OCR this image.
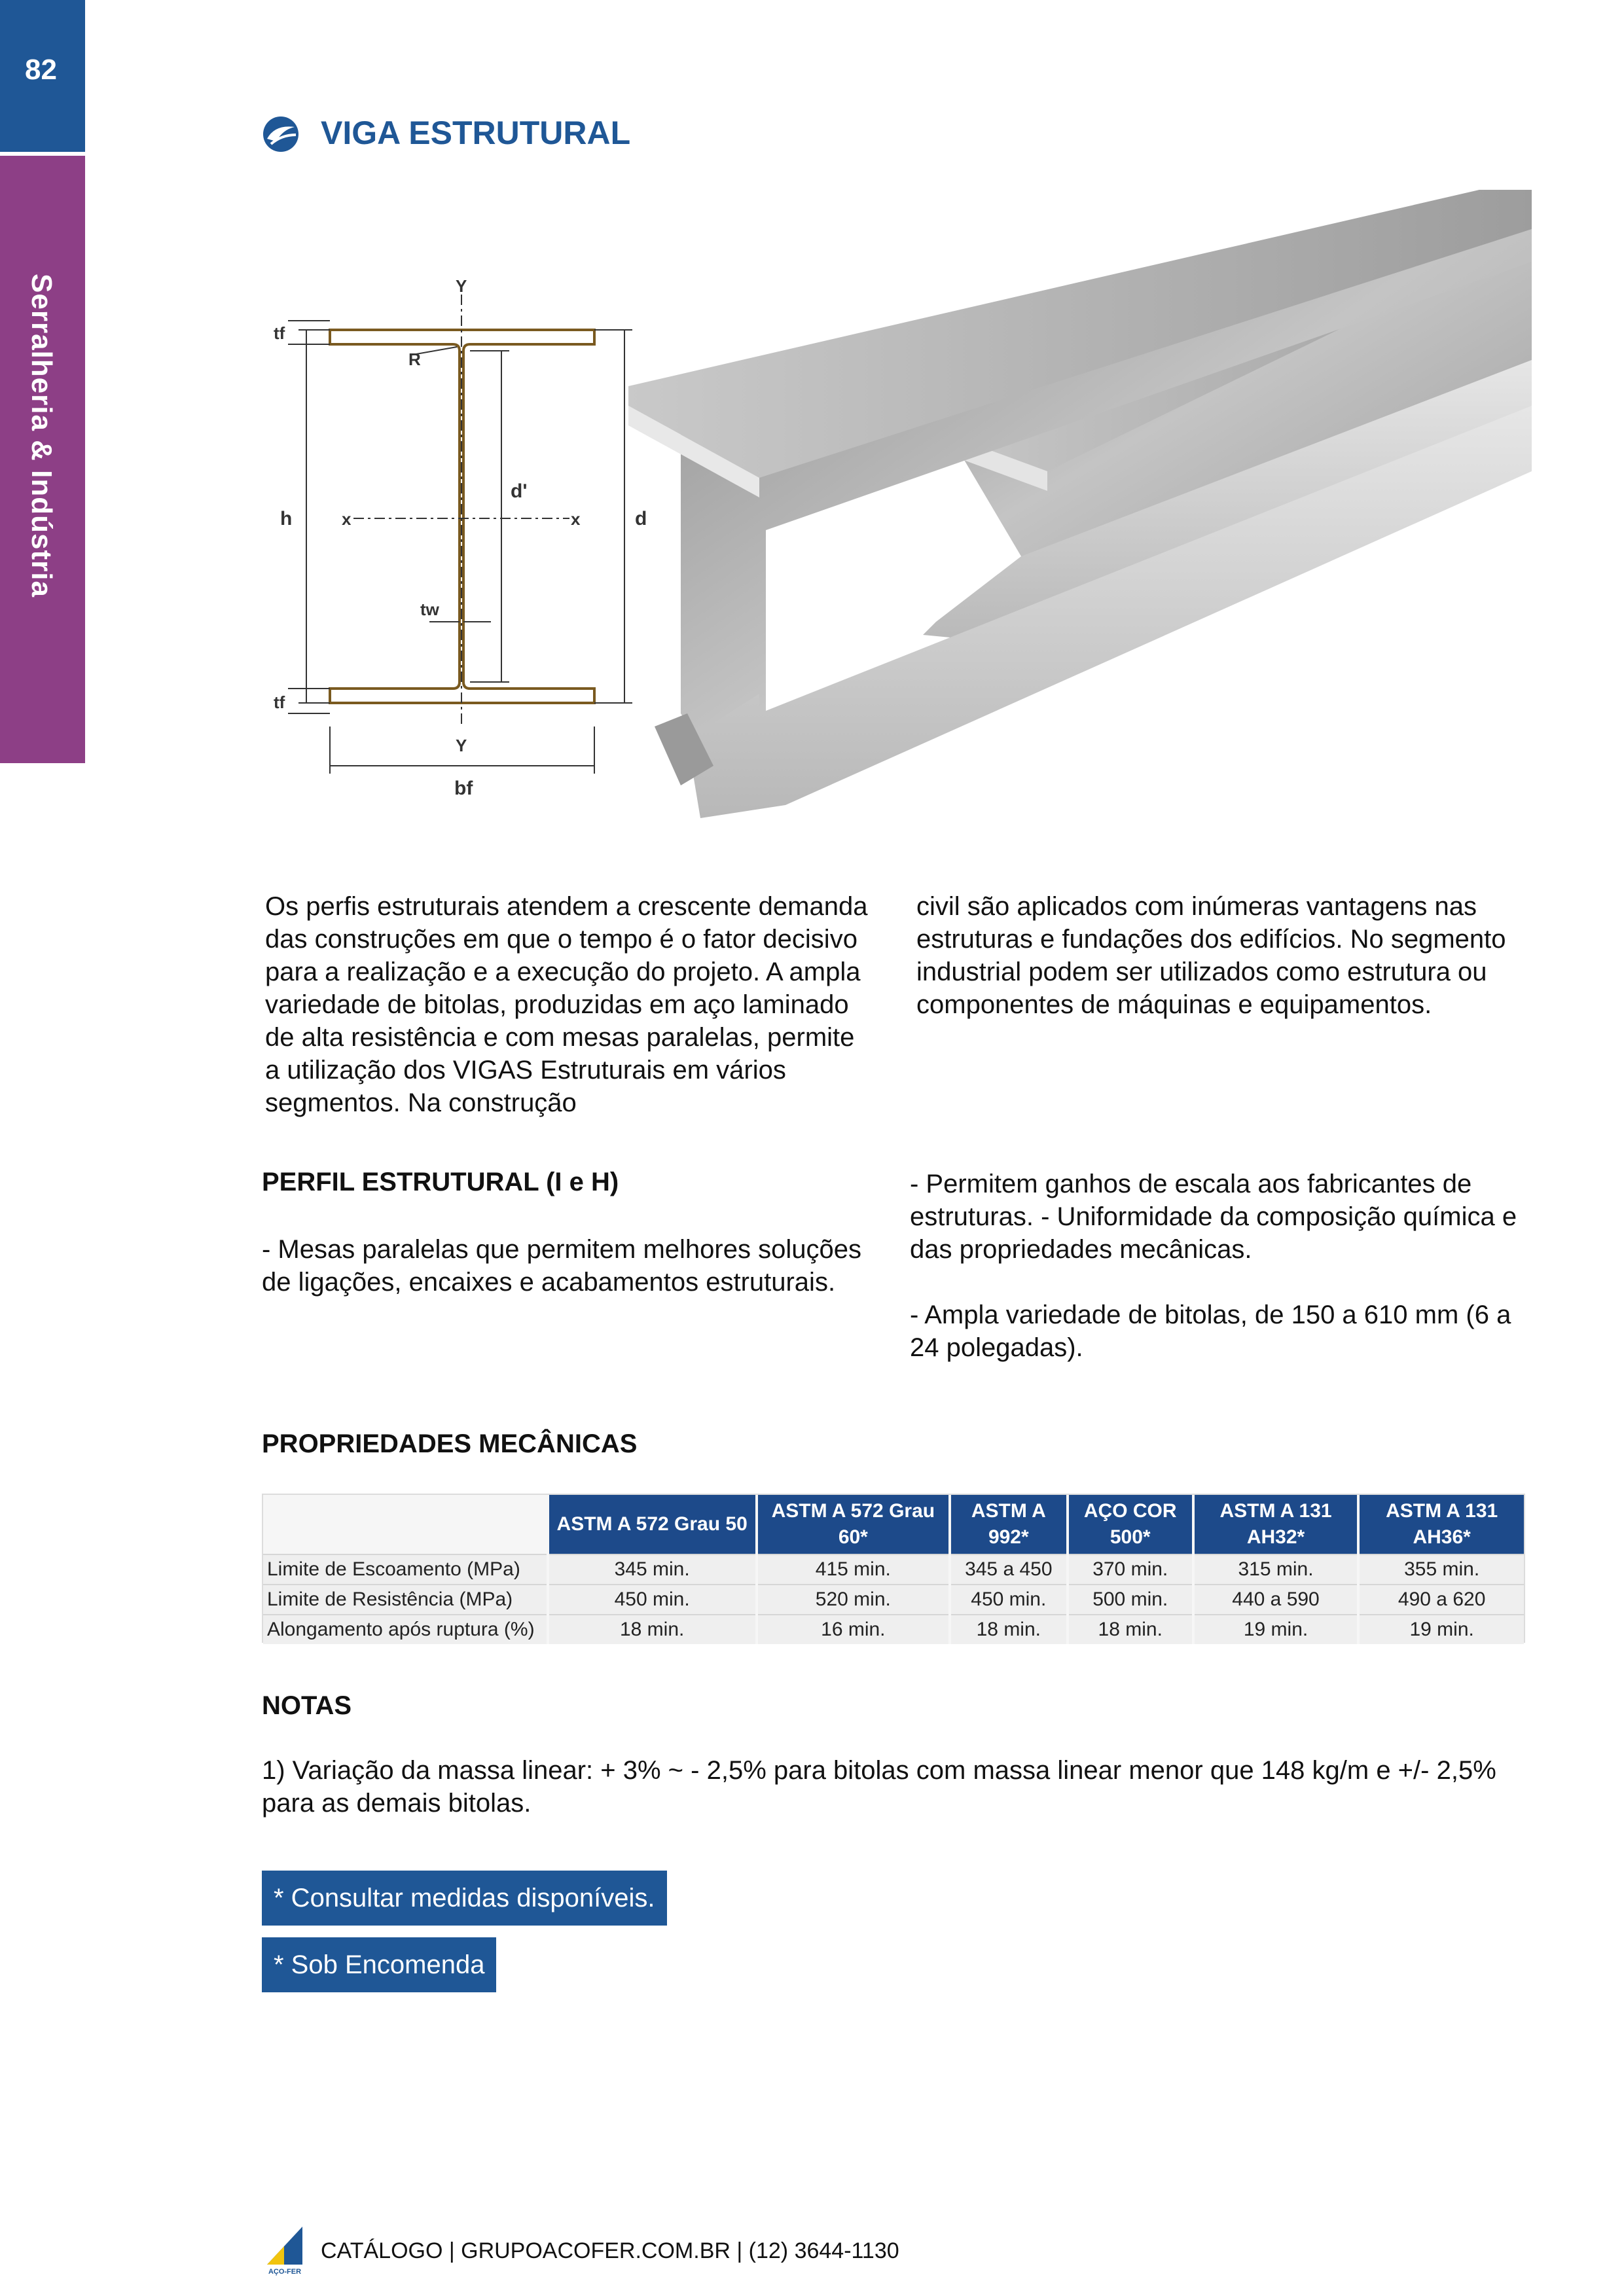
82
Serralheria & Indústria
VIGA ESTRUTURAL
Y
Y
tf
tf
R
h	x	x
d'
d
tw
bf
Os perfis estruturais atendem a crescente demanda das construções em que o tempo é o fator decisivo para a realização e a execução do projeto. A ampla variedade de bitolas, produzidas em aço laminado de alta resistência e com mesas paralelas, permite a utilização dos VIGAS Estruturais em vários segmentos. Na construção
civil são aplicados com inúmeras vantagens nas estruturas e fundações dos edifícios. No segmento industrial podem ser utilizados como estrutura ou componentes de máquinas e equipamentos.
PERFIL ESTRUTURAL (I e H)
- Mesas paralelas que permitem melhores soluções de ligações, encaixes e acabamentos estruturais.
- Permitem ganhos de escala aos fabricantes de estruturas. - Uniformidade da composição química e das propriedades mecânicas.
- Ampla variedade de bitolas, de 150 a 610 mm (6 a 24 polegadas).
PROPRIEDADES MECÂNICAS
	ASTM A 572 Grau 50	ASTM A 572 Grau 60*	ASTM A 992*	AÇO COR 500*	ASTM A 131 AH32*	ASTM A 131 AH36*
Limite de Escoamento (MPa)	345 min.	415 min.	345 a 450	370 min.	315 min.	355 min.
Limite de Resistência (MPa)	450 min.	520 min.	450 min.	500 min.	440 a 590	490 a 620
Alongamento após ruptura (%)	18 min.	16 min.	18 min.	18 min.	19 min.	19 min.
NOTAS
1) Variação da massa linear: + 3% ~ - 2,5% para bitolas com massa linear menor que 148 kg/m e +/- 2,5% para as demais bitolas.
* Consultar medidas disponíveis.
* Sob Encomenda
AÇO-FER
CATÁLOGO | GRUPOACOFER.COM.BR | (12) 3644-1130
